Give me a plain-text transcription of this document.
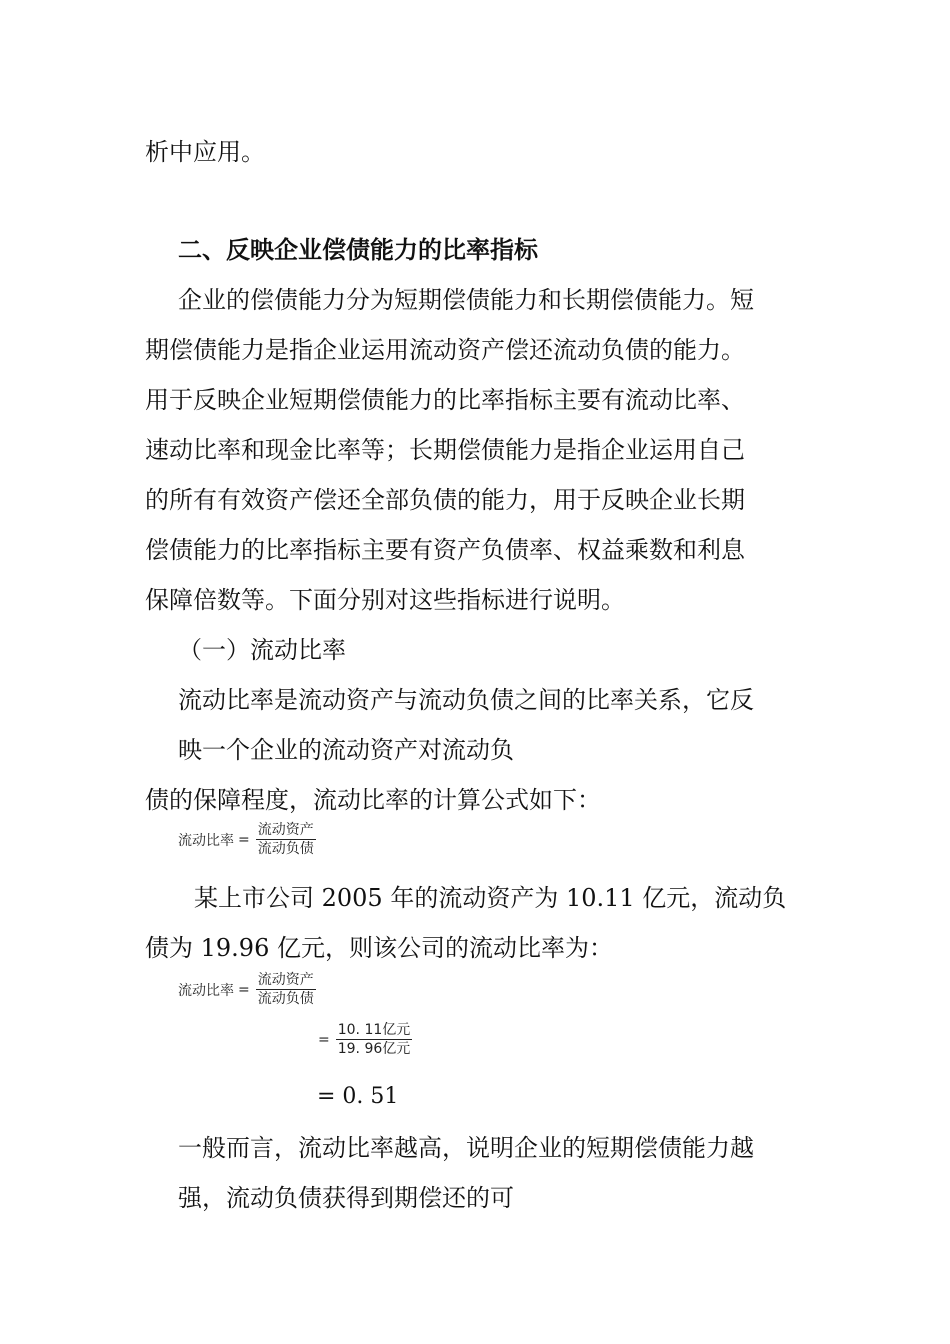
析中应用。
二、反映企业偿债能力的比率指标
企业的偿债能力分为短期偿债能力和长期偿债能力。短
期偿债能力是指企业运用流动资产偿还流动负债的能力。
用于反映企业短期偿债能力的比率指标主要有流动比率、
速动比率和现金比率等；长期偿债能力是指企业运用自己
的所有有效资产偿还全部负债的能力，用于反映企业长期
偿债能力的比率指标主要有资产负债率、权益乘数和利息
保障倍数等。下面分别对这些指标进行说明。
（一）流动比率
流动比率是流动资产与流动负债之间的比率关系，它反
映一个企业的流动资产对流动负
债的保障程度，流动比率的计算公式如下：
流动比率 = $\frac{\text{流动资产}}{\text{流动负债}}$
某上市公司 2005 年的流动资产为 10.11 亿元，流动负
债为 19.96 亿元，则该公司的流动比率为：
流动比率 = $\frac{\text{流动资产}}{\text{流动负债}}$
= $\frac{\text{10. 11亿元}}{\text{19. 96亿元}}$
= 0. 51
一般而言，流动比率越高，说明企业的短期偿债能力越
强，流动负债获得到期偿还的可
